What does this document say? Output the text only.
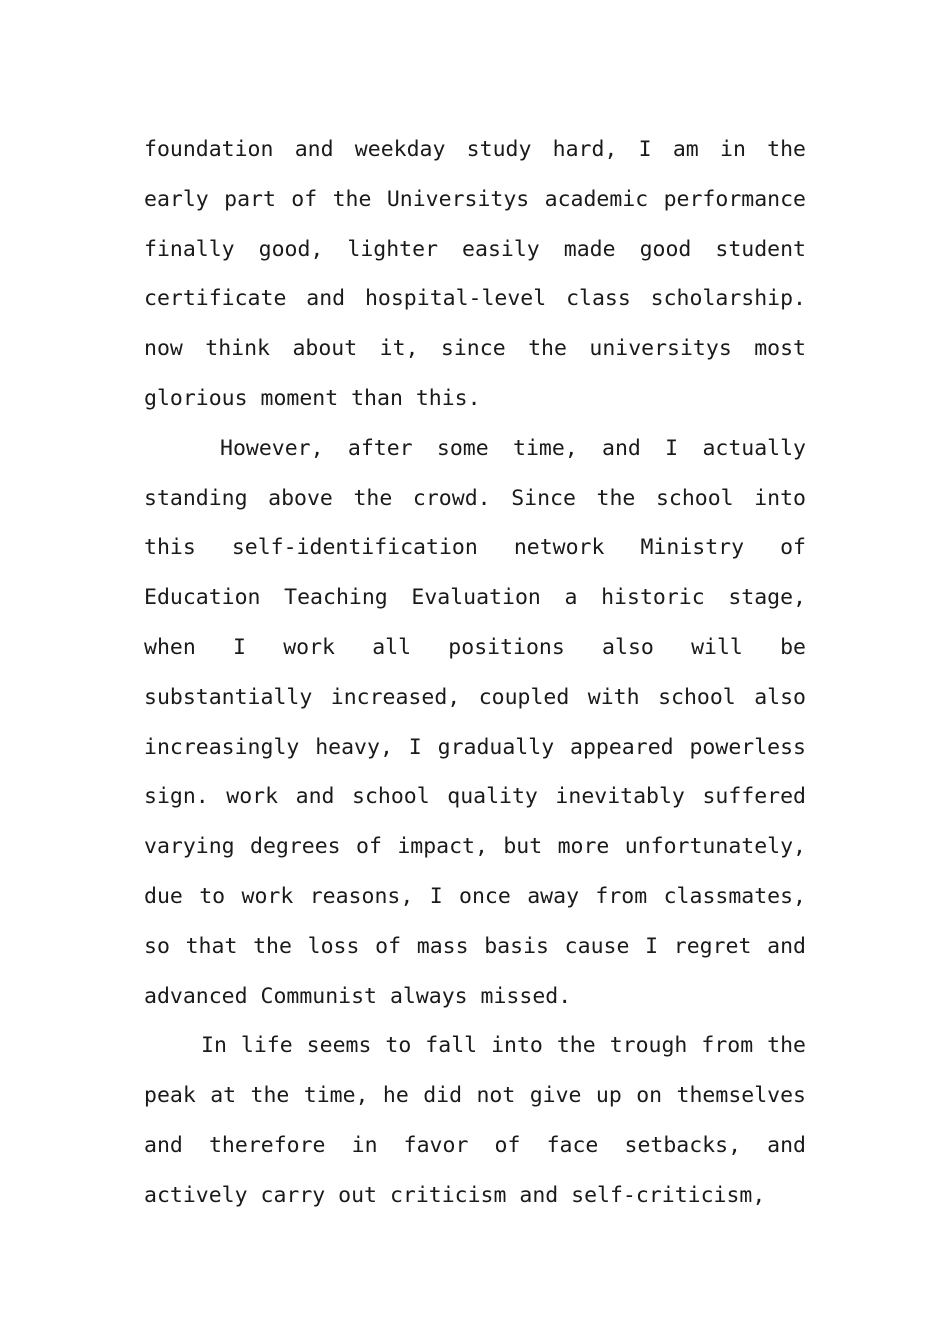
foundation and weekday study hard, I am in the early part of the Universitys academic performance finally good, lighter easily made good student certificate and hospital-level class scholarship. now think about it, since the universitys most glorious moment than this.

However, after some time, and I actually standing above the crowd. Since the school into this self-identification network Ministry of Education Teaching Evaluation a historic stage, when I work all positions also will be substantially increased, coupled with school also increasingly heavy, I gradually appeared powerless sign. work and school quality inevitably suffered varying degrees of impact, but more unfortunately, due to work reasons, I once away from classmates, so that the loss of mass basis cause I regret and advanced Communist always missed.

In life seems to fall into the trough from the peak at the time, he did not give up on themselves and therefore in favor of face setbacks, and actively carry out criticism and self-criticism,
